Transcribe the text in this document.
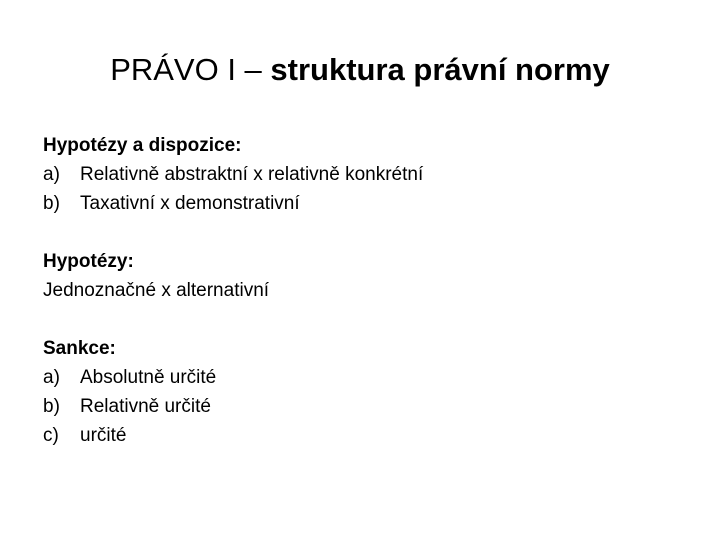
PRÁVO I – struktura právní normy
Hypotézy a dispozice:
a)	Relativně abstraktní x relativně konkrétní
b)	Taxativní x demonstrativní
Hypotézy:
Jednoznačné x alternativní
Sankce:
a)	Absolutně určité
b)	Relativně určité
c)	určité
